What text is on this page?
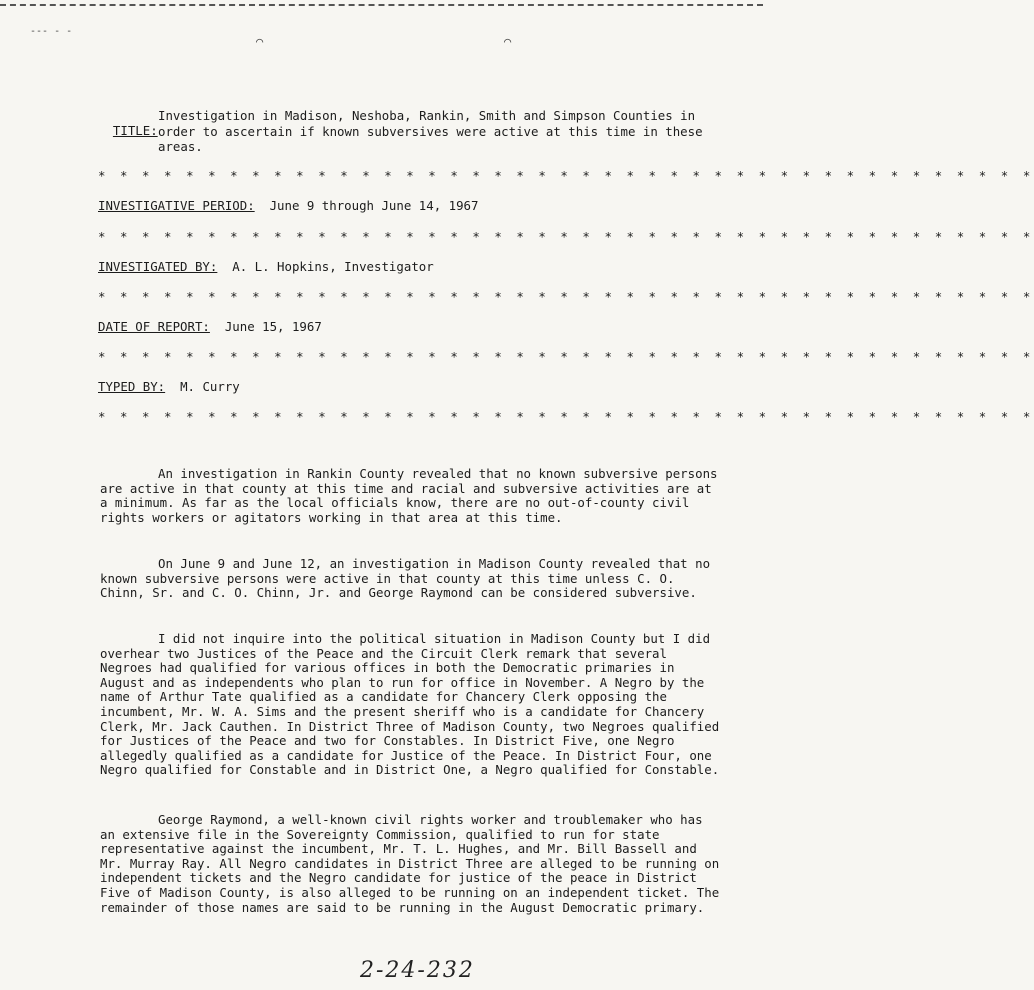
‐‐‐ ‐ ‐
⌒	⌒

TITLE:

Investigation in Madison, Neshoba, Rankin, Smith and Simpson Counties in order to ascertain if known subversives were active at this time in these areas.
* * * * * * * * * * * * * * * * * * * * * * * * * * * * * * * * * * * * * * * * * * *
INVESTIGATIVE PERIOD: June 9 through June 14, 1967
* * * * * * * * * * * * * * * * * * * * * * * * * * * * * * * * * * * * * * * * * * *
INVESTIGATED BY: A. L. Hopkins, Investigator
* * * * * * * * * * * * * * * * * * * * * * * * * * * * * * * * * * * * * * * * * * *
DATE OF REPORT: June 15, 1967
* * * * * * * * * * * * * * * * * * * * * * * * * * * * * * * * * * * * * * * * * * *
TYPED BY: M. Curry
* * * * * * * * * * * * * * * * * * * * * * * * * * * * * * * * * * * * * * * * * * *

An investigation in Rankin County revealed that no known subversive persons are active in that county at this time and racial and subversive activities are at a minimum. As far as the local officials know, there are no out-of-county civil rights workers or agitators working in that area at this time.

On June 9 and June 12, an investigation in Madison County revealed that no known subversive persons were active in that county at this time unless C. O. Chinn, Sr. and C. O. Chinn, Jr. and George Raymond can be considered subversive.

I did not inquire into the political situation in Madison County but I did overhear two Justices of the Peace and the Circuit Clerk remark that several Negroes had qualified for various offices in both the Democratic primaries in August and as independents who plan to run for office in November. A Negro by the name of Arthur Tate qualified as a candidate for Chancery Clerk opposing the incumbent, Mr. W. A. Sims and the present sheriff who is a candidate for Chancery Clerk, Mr. Jack Cauthen. In District Three of Madison County, two Negroes qualified for Justices of the Peace and two for Constables. In District Five, one Negro allegedly qualified as a candidate for Justice of the Peace. In District Four, one Negro qualified for Constable and in District One, a Negro qualified for Constable.

George Raymond, a well-known civil rights worker and troublemaker who has an extensive file in the Sovereignty Commission, qualified to run for state representative against the incumbent, Mr. T. L. Hughes, and Mr. Bill Bassell and Mr. Murray Ray. All Negro candidates in District Three are alleged to be running on independent tickets and the Negro candidate for justice of the peace in District Five of Madison County, is also alleged to be running on an independent ticket. The remainder of those names are said to be running in the August Democratic primary.

2-24-232
